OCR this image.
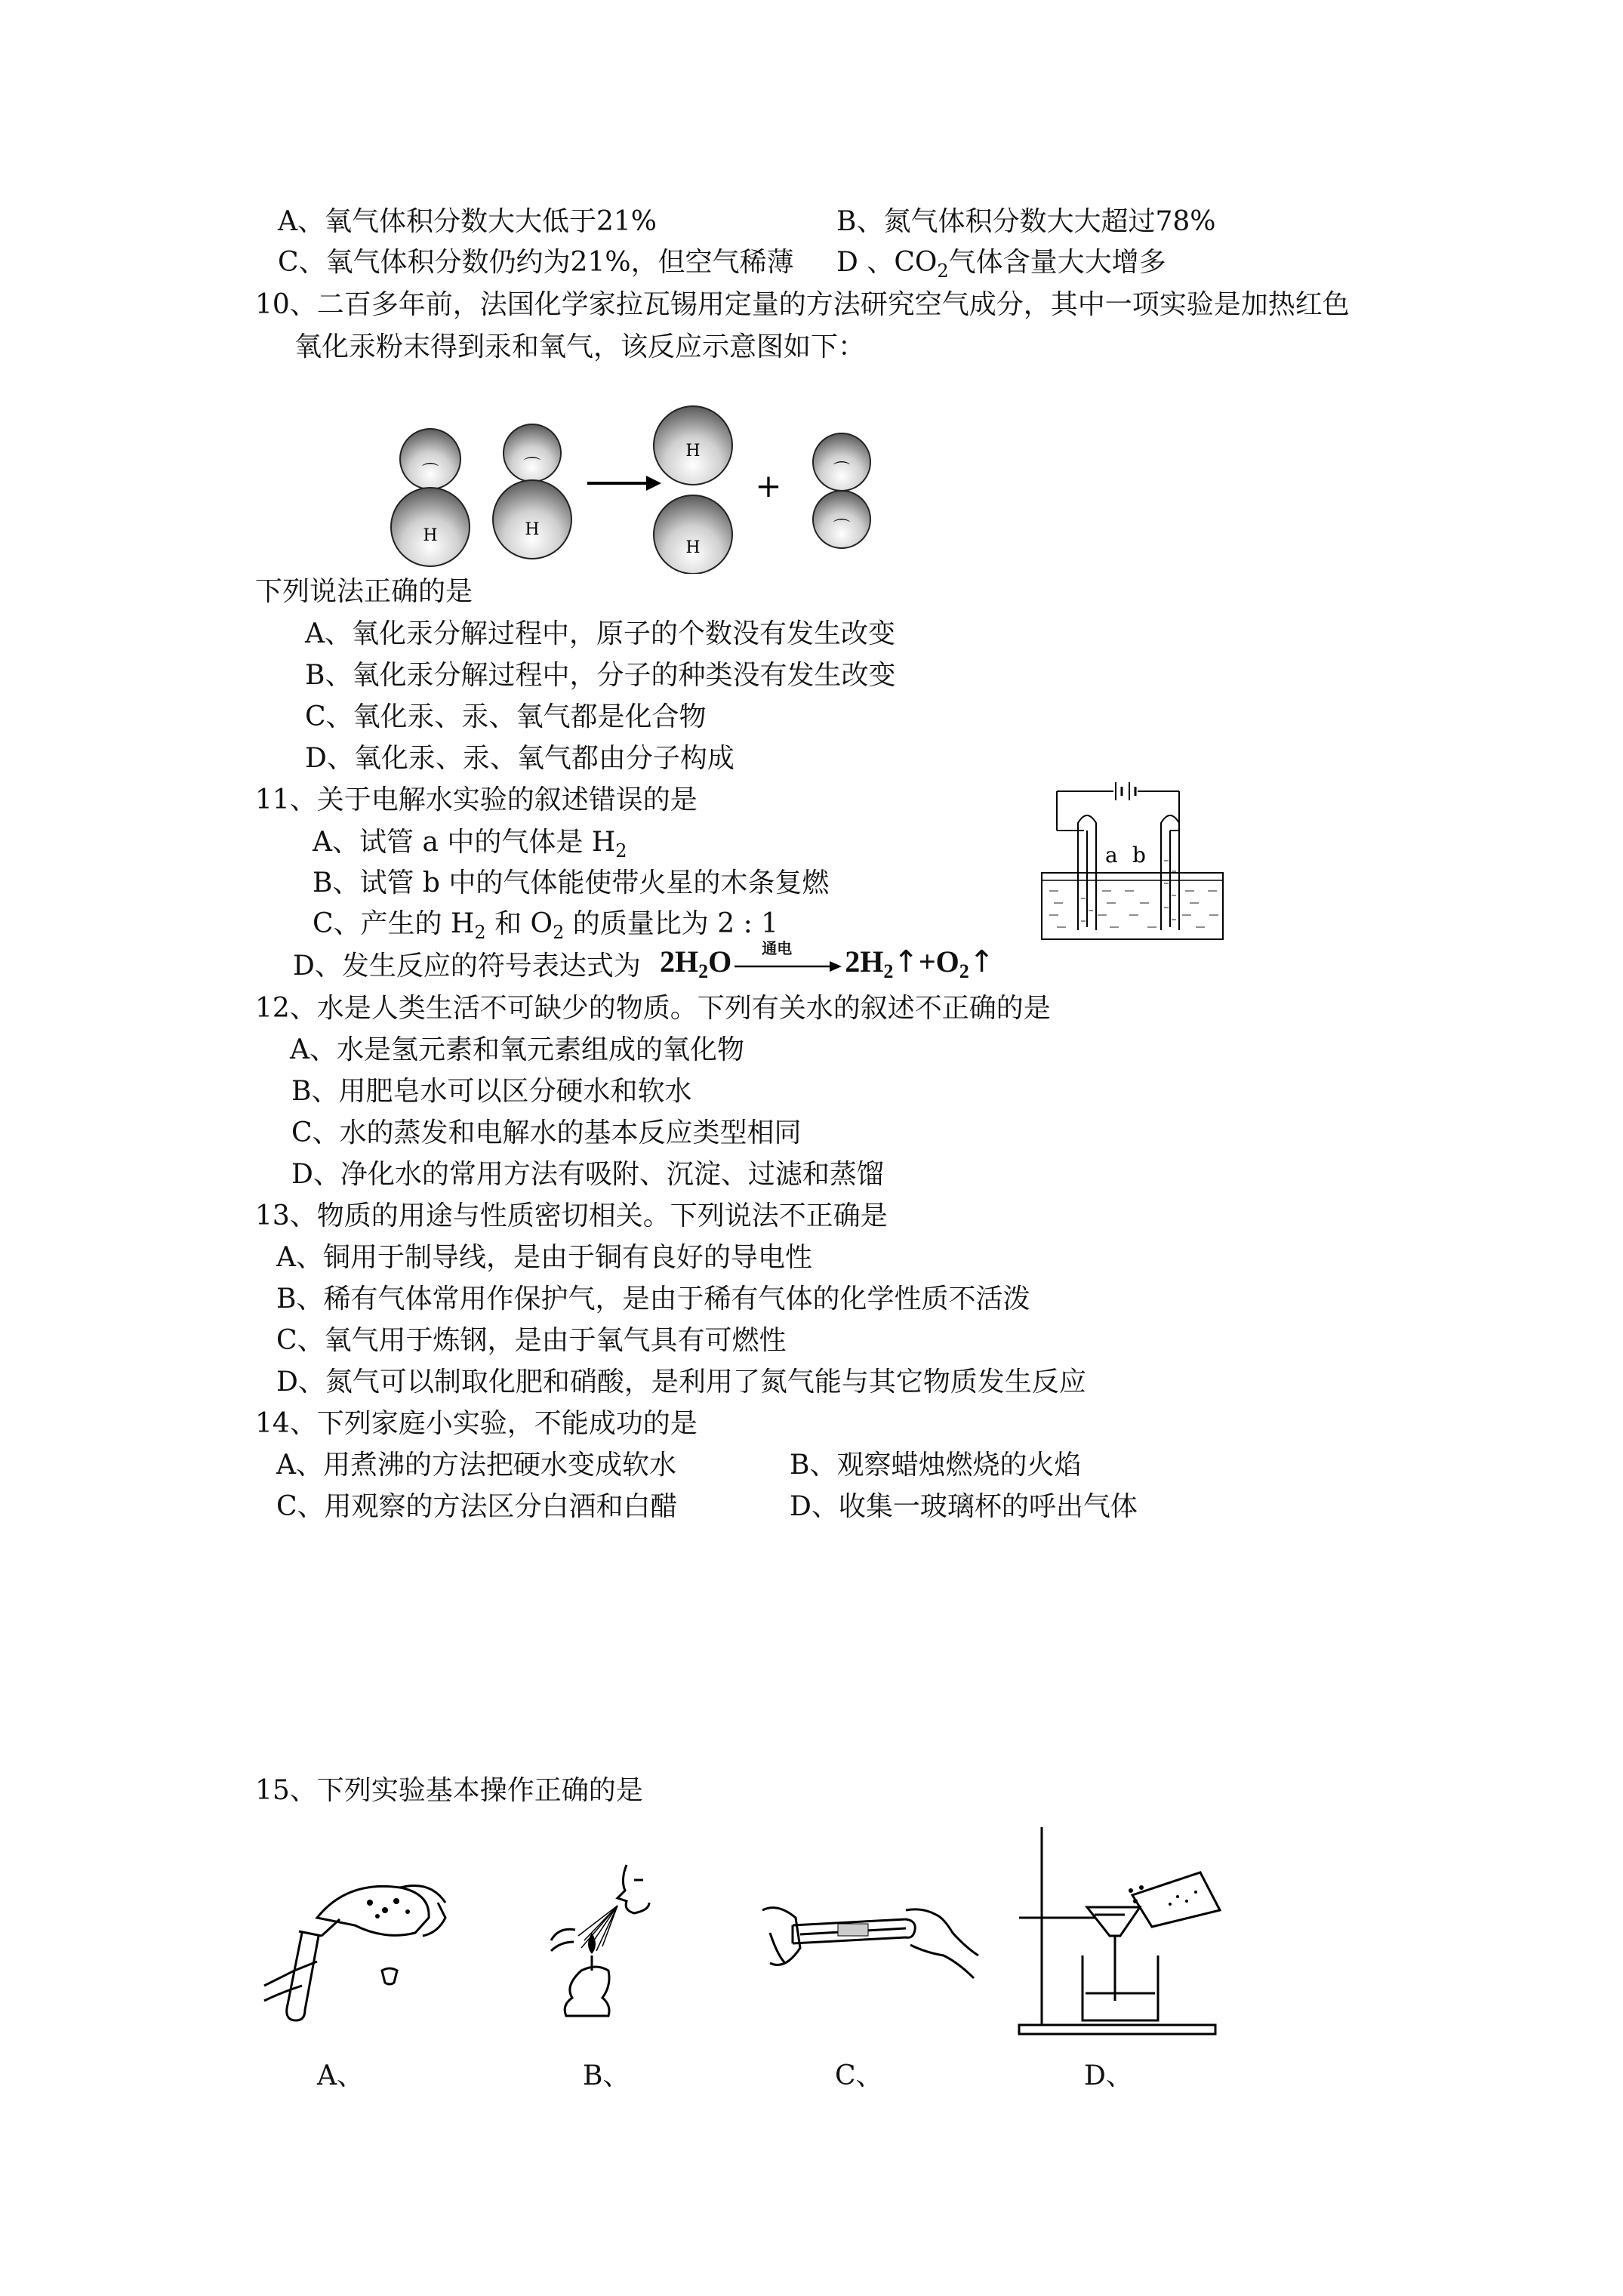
A、氧气体积分数大大低于21%	B、氮气体积分数大大超过78%
C、氧气体积分数仍约为21%，但空气稀薄 D 、$CO_2$气体含量大大增多
10、二百多年前，法国化学家拉瓦锡用定量的方法研究空气成分，其中一项实验是加热红色
氧化汞粉末得到汞和氧气，该反应示意图如下：
⌒
H
⌒
H
H
H
+	⌒
⌒
下列说法正确的是
A、氧化汞分解过程中，原子的个数没有发生改变
B、氧化汞分解过程中，分子的种类没有发生改变
C、氧化汞、汞、氧气都是化合物
D、氧化汞、汞、氧气都由分子构成
11、关于电解水实验的叙述错误的是
A、试管 a 中的气体是 $H_2$
B、试管 b 中的气体能使带火星的木条复燃
C、产生的 $H_2$ 和 $O_2$ 的质量比为 2 : 1
D、发生反应的符号表达式为 $2H_2O$ 通电 $2H_2↑+O_2↑$
a b
12、水是人类生活不可缺少的物质。下列有关水的叙述不正确的是
A、水是氢元素和氧元素组成的氧化物
B、用肥皂水可以区分硬水和软水
C、水的蒸发和电解水的基本反应类型相同
D、净化水的常用方法有吸附、沉淀、过滤和蒸馏
13、物质的用途与性质密切相关。下列说法不正确是
A、铜用于制导线，是由于铜有良好的导电性
B、稀有气体常用作保护气，是由于稀有气体的化学性质不活泼
C、氧气用于炼钢，是由于氧气具有可燃性
D、氮气可以制取化肥和硝酸，是利用了氮气能与其它物质发生反应
14、下列家庭小实验，不能成功的是
A、用煮沸的方法把硬水变成软水	B、观察蜡烛燃烧的火焰
C、用观察的方法区分白酒和白醋	D、收集一玻璃杯的呼出气体
15、下列实验基本操作正确的是
A、	B、	C、	D、
